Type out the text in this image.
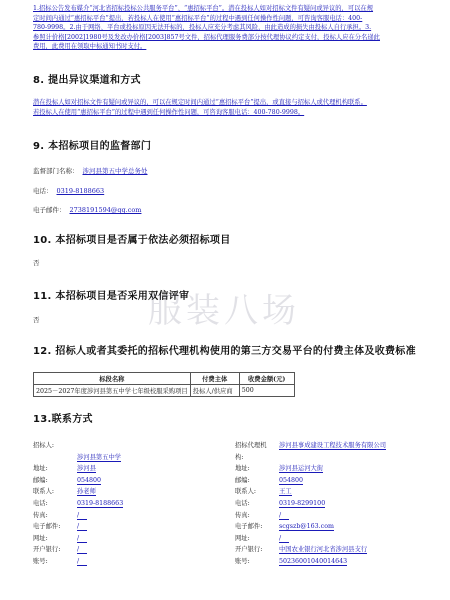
1.招标公告发布媒介“河北省招标投标公共服务平台”、“惠招标平台”。潜在投标人如对招标文件有疑问或异议的，可以在规
定时间内通过“惠招标平台”提出，若投标人在使用“惠招标平台”的过程中遇到任何操作性问题，可咨询客服电话：400-
780-9998。2.由于网络、平台或投标原因无法开标的，投标人应充分考虑其风险，由此造成的损失由投标人自行承担。3.
参照计价格[2002]1980号及发改办价格[2003]857号文件，招标代理服务费部分按代理协议约定支付，投标人应在分名递此
费用，此费用在领取中标通知书时支付。
8. 提出异议渠道和方式
潜在投标人如对招标文件有疑问或异议的，可以在规定时间内通过“惠招标平台”提出，或直接与招标人或代理机构联系。
若投标人在使用“惠招标平台”的过程中遇到任何操作性问题，可咨询客服电话：400-780-9998。
9. 本招标项目的监督部门
监督部门名称： 涉河县第五中学总务处
电话： 0319-8188663
电子邮件： 2738191594@qq.com
10. 本招标项目是否属于依法必须招标项目
否
11. 本招标项目是否采用双信评审
否
12. 招标人或者其委托的招标代理机构使用的第三方交易平台的付费主体及收费标准
标段名称	付费主体	收费金额(元)
2025－2027年度涉河县第五中学七年级校服采购项目	投标人/供应商	500
13.联系方式
招标人:
涉河县第五中学
地址:	涉河县
邮编:	054800
联系人:	孙老师
电话:	0319-8188663
传真:	/
电子邮件:	/
网址:	/
开户银行:	/
账号:	/
招标代理机 涉河县事成建设工程技术服务有限公司
构:
地址:	涉河县运河大街
邮编:	054800
联系人:	王工
电话:	0319-8299100
传真:	/
电子邮件:	scgszb@163.com
网址:	/
开户银行:	中国农业银行河北省涉河县支行
账号:	50236001040014643
服装八场
